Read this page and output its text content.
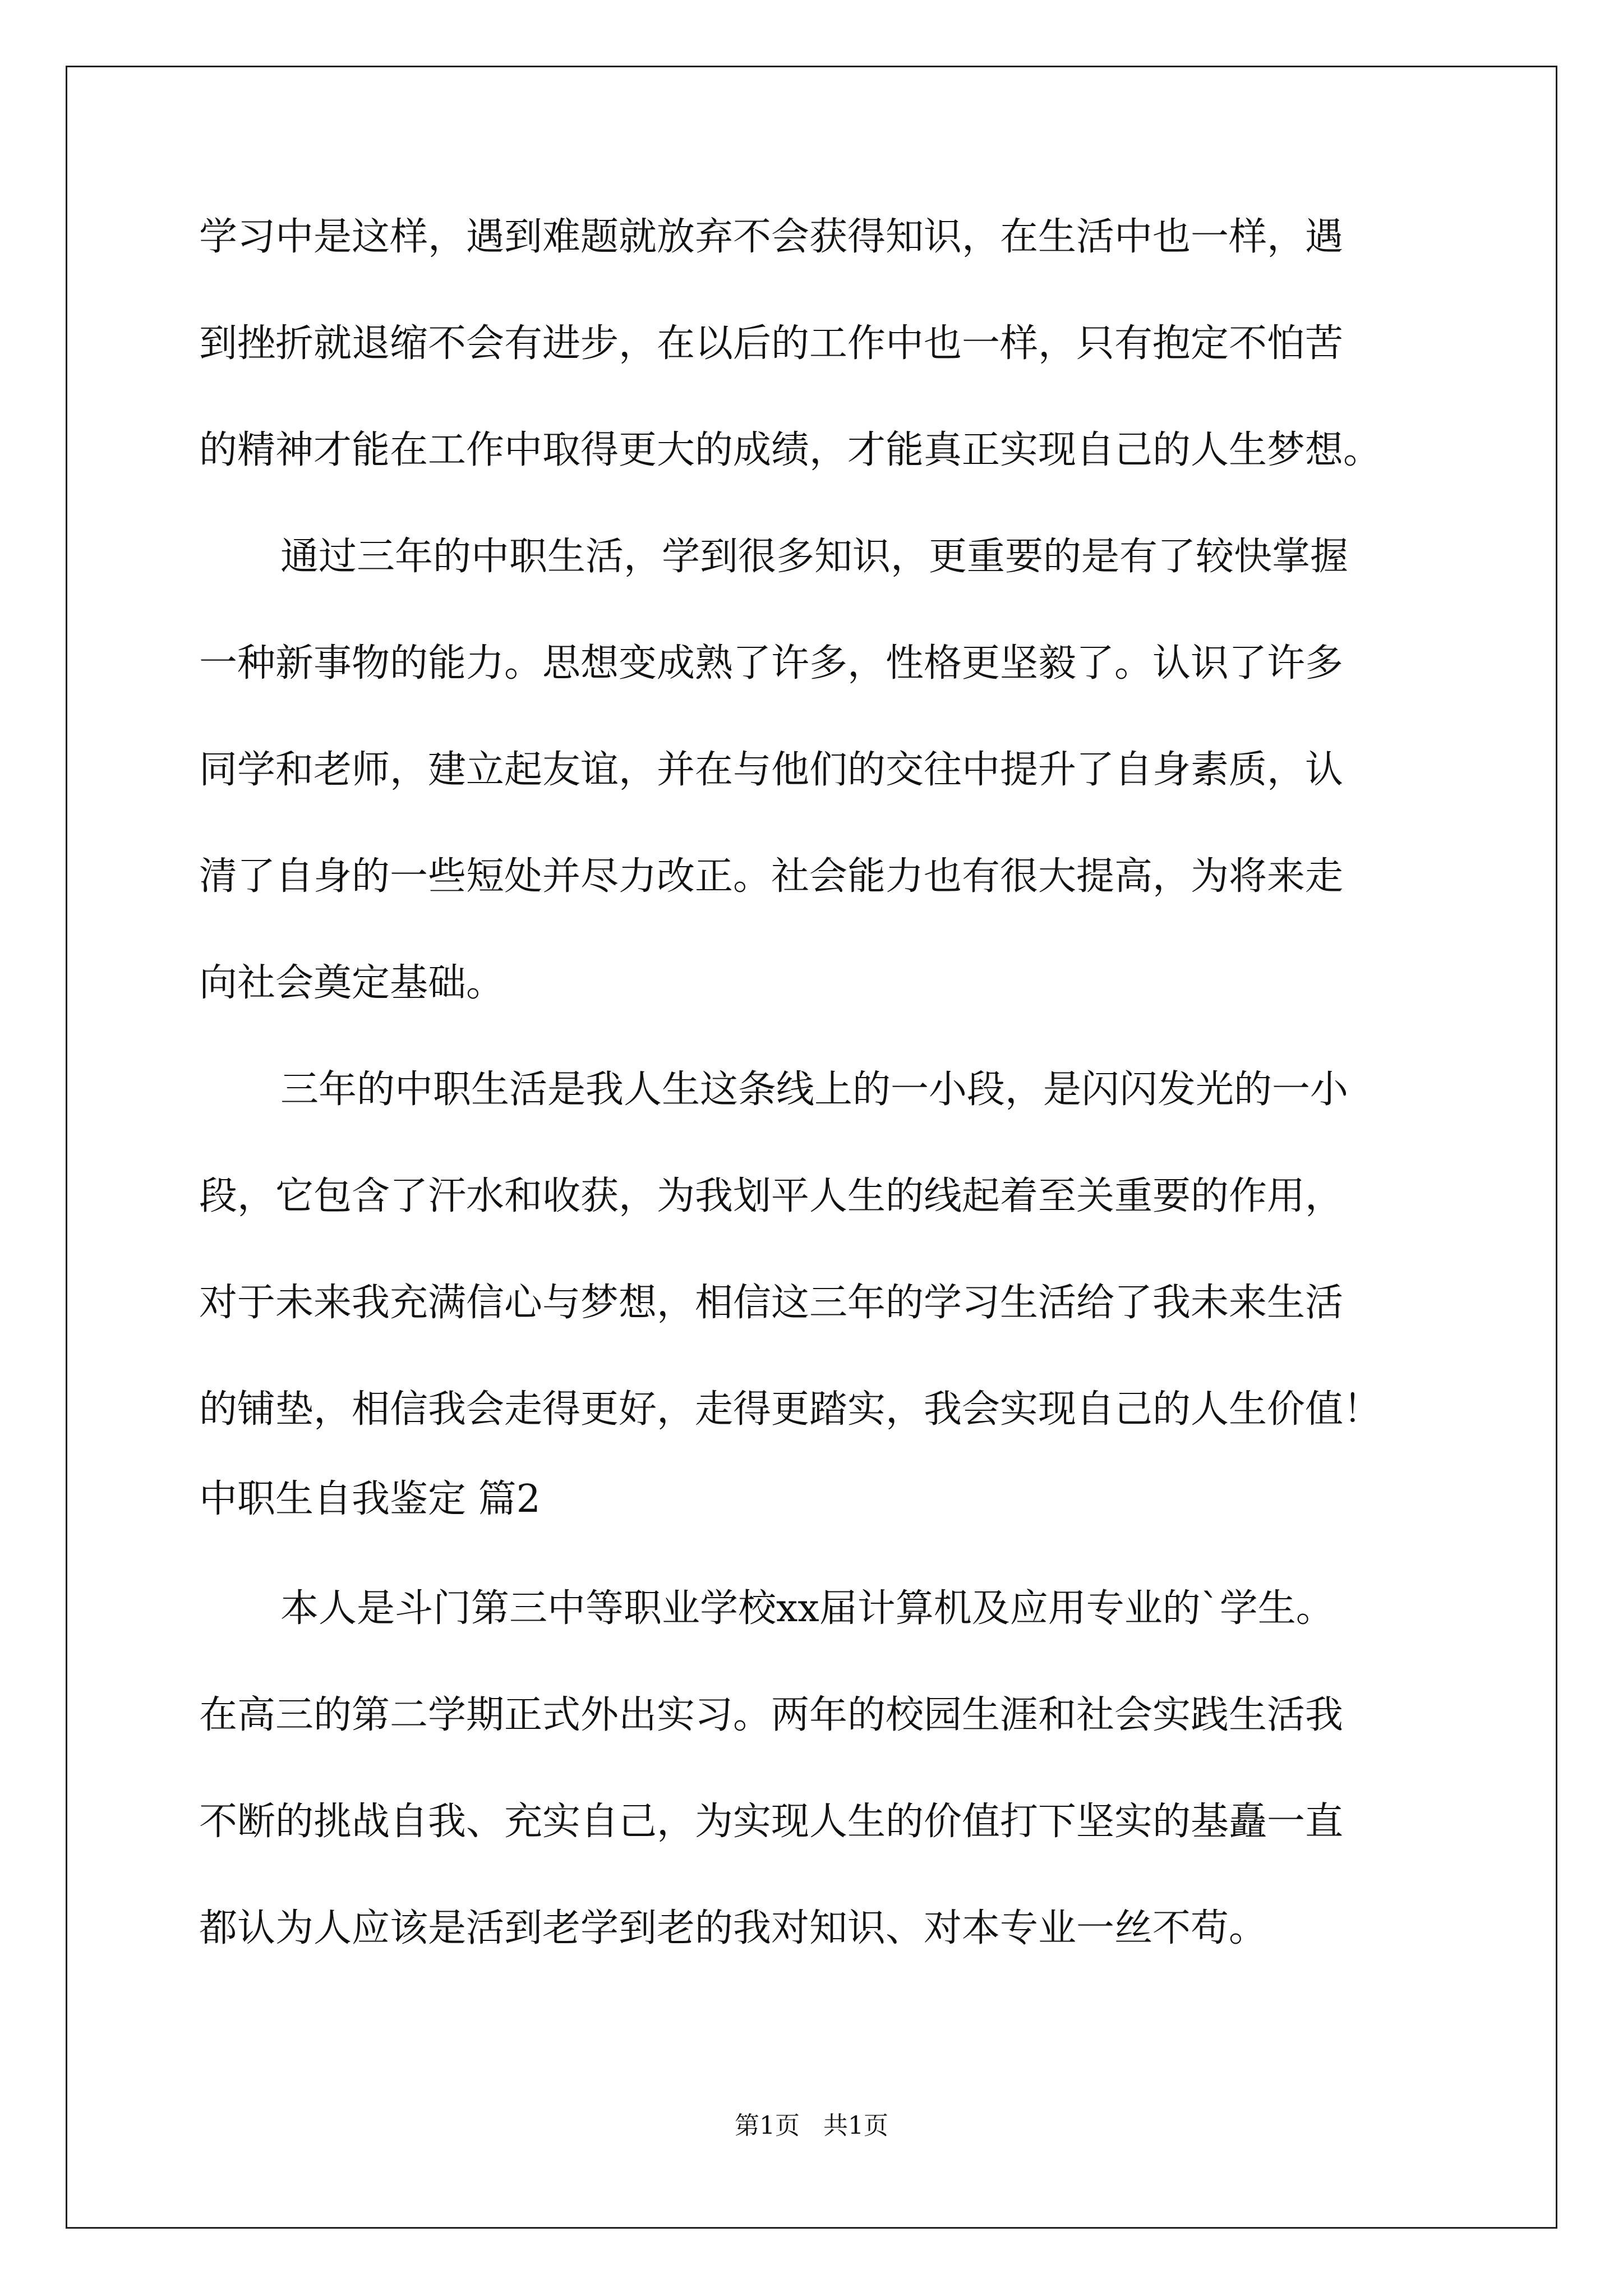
学习中是这样，遇到难题就放弃不会获得知识，在生活中也一样，遇
到挫折就退缩不会有进步，在以后的工作中也一样，只有抱定不怕苦
的精神才能在工作中取得更大的成绩，才能真正实现自己的人生梦想。
通过三年的中职生活，学到很多知识，更重要的是有了较快掌握
一种新事物的能力。思想变成熟了许多，性格更坚毅了。认识了许多
同学和老师，建立起友谊，并在与他们的交往中提升了自身素质，认
清了自身的一些短处并尽力改正。社会能力也有很大提高，为将来走
向社会奠定基础。
三年的中职生活是我人生这条线上的一小段，是闪闪发光的一小
段，它包含了汗水和收获，为我划平人生的线起着至关重要的作用，
对于未来我充满信心与梦想，相信这三年的学习生活给了我未来生活
的铺垫，相信我会走得更好，走得更踏实，我会实现自己的人生价值！
中职生自我鉴定 篇2
本人是斗门第三中等职业学校xx届计算机及应用专业的`学生。
在高三的第二学期正式外出实习。两年的校园生涯和社会实践生活我
不断的挑战自我、充实自己，为实现人生的价值打下坚实的基矗一直
都认为人应该是活到老学到老的我对知识、对本专业一丝不苟。
第1页   共1页
